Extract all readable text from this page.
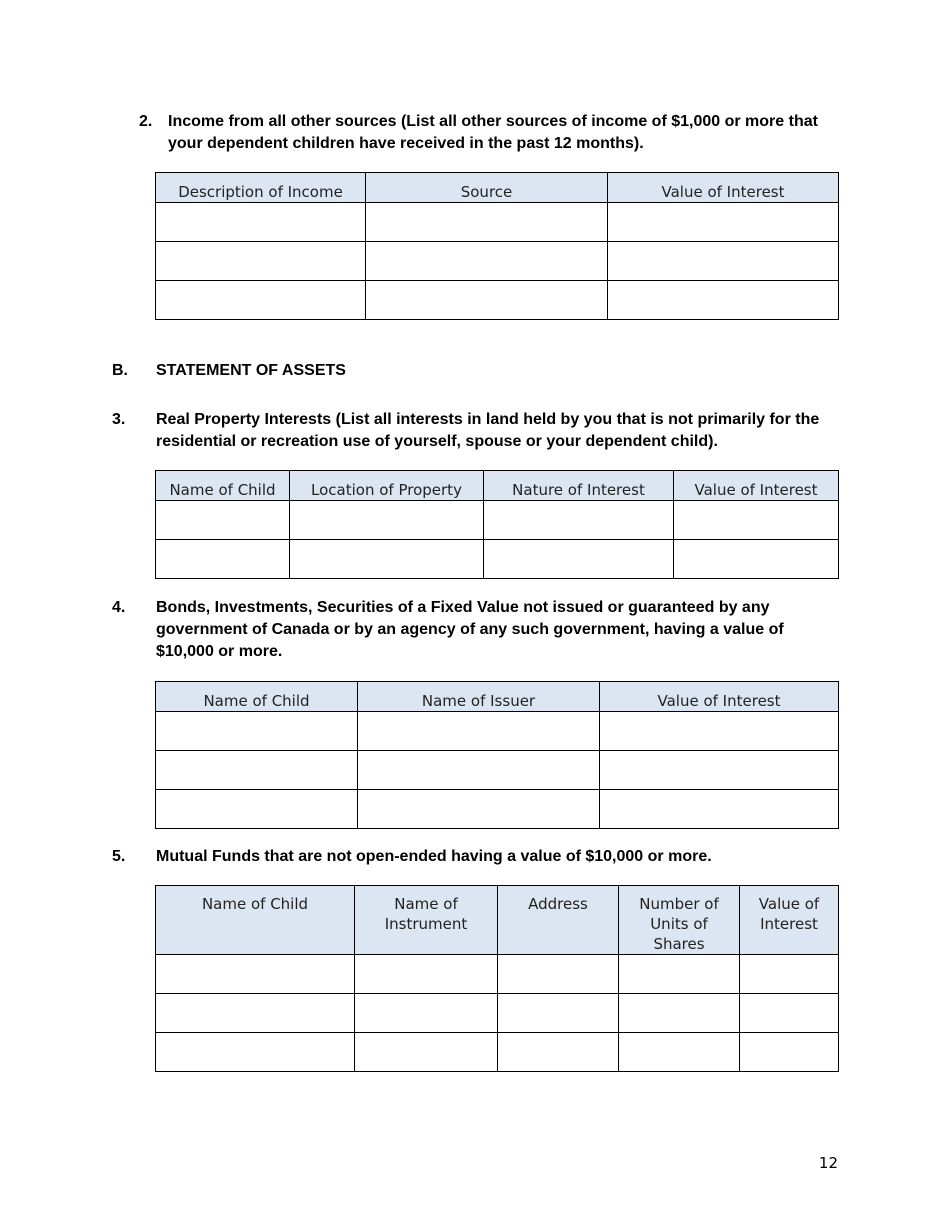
2. Income from all other sources (List all other sources of income of $1,000 or more that your dependent children have received in the past 12 months).
Description of Income	Source	Value of Interest

B. STATEMENT OF ASSETS
3. Real Property Interests (List all interests in land held by you that is not primarily for the residential or recreation use of yourself, spouse or your dependent child).
Name of Child	Location of Property	Nature of Interest	Value of Interest

4. Bonds, Investments, Securities of a Fixed Value not issued or guaranteed by any government of Canada or by an agency of any such government, having a value of $10,000 or more.
Name of Child	Name of Issuer	Value of Interest

5. Mutual Funds that are not open-ended having a value of $10,000 or more.
Name of Child	Name of Instrument	Address	Number of Units of Shares	Value of Interest

12
